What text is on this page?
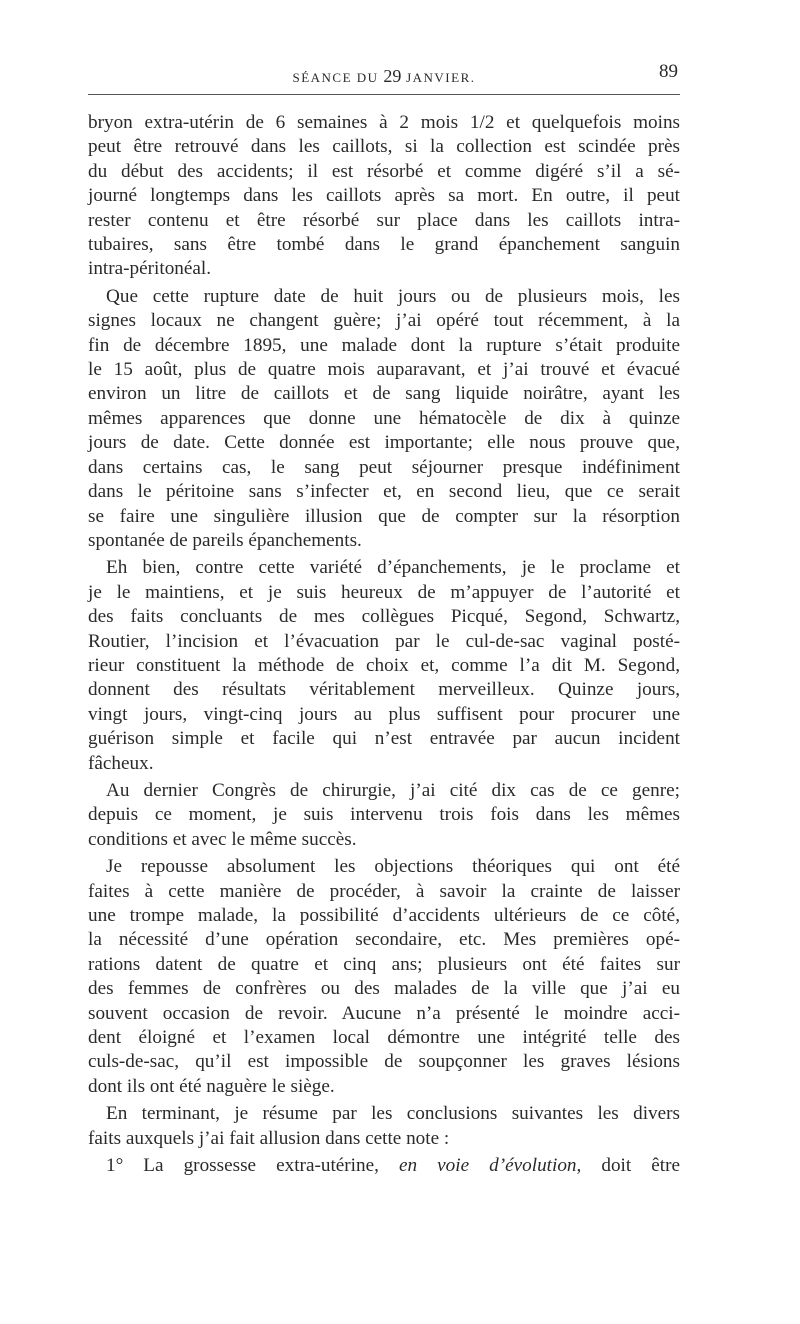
SÉANCE DU 29 JANVIER.	89
bryon extra-utérin de 6 semaines à 2 mois 1/2 et quelquefois moins
peut être retrouvé dans les caillots, si la collection est scindée près
du début des accidents; il est résorbé et comme digéré s’il a sé-
journé longtemps dans les caillots après sa mort. En outre, il peut
rester contenu et être résorbé sur place dans les caillots intra-
tubaires, sans être tombé dans le grand épanchement sanguin
intra-péritonéal.
Que cette rupture date de huit jours ou de plusieurs mois, les
signes locaux ne changent guère; j’ai opéré tout récemment, à la
fin de décembre 1895, une malade dont la rupture s’était produite
le 15 août, plus de quatre mois auparavant, et j’ai trouvé et évacué
environ un litre de caillots et de sang liquide noirâtre, ayant les
mêmes apparences que donne une hématocèle de dix à quinze
jours de date. Cette donnée est importante; elle nous prouve que,
dans certains cas, le sang peut séjourner presque indéfiniment
dans le péritoine sans s’infecter et, en second lieu, que ce serait
se faire une singulière illusion que de compter sur la résorption
spontanée de pareils épanchements.
Eh bien, contre cette variété d’épanchements, je le proclame et
je le maintiens, et je suis heureux de m’appuyer de l’autorité et
des faits concluants de mes collègues Picqué, Segond, Schwartz,
Routier, l’incision et l’évacuation par le cul-de-sac vaginal posté-
rieur constituent la méthode de choix et, comme l’a dit M. Segond,
donnent des résultats véritablement merveilleux. Quinze jours,
vingt jours, vingt-cinq jours au plus suffisent pour procurer une
guérison simple et facile qui n’est entravée par aucun incident
fâcheux.
Au dernier Congrès de chirurgie, j’ai cité dix cas de ce genre;
depuis ce moment, je suis intervenu trois fois dans les mêmes
conditions et avec le même succès.
Je repousse absolument les objections théoriques qui ont été
faites à cette manière de procéder, à savoir la crainte de laisser
une trompe malade, la possibilité d’accidents ultérieurs de ce côté,
la nécessité d’une opération secondaire, etc. Mes premières opé-
rations datent de quatre et cinq ans; plusieurs ont été faites sur
des femmes de confrères ou des malades de la ville que j’ai eu
souvent occasion de revoir. Aucune n’a présenté le moindre acci-
dent éloigné et l’examen local démontre une intégrité telle des
culs-de-sac, qu’il est impossible de soupçonner les graves lésions
dont ils ont été naguère le siège.
En terminant, je résume par les conclusions suivantes les divers
faits auxquels j’ai fait allusion dans cette note :
1° La grossesse extra-utérine, en voie d’évolution, doit être
